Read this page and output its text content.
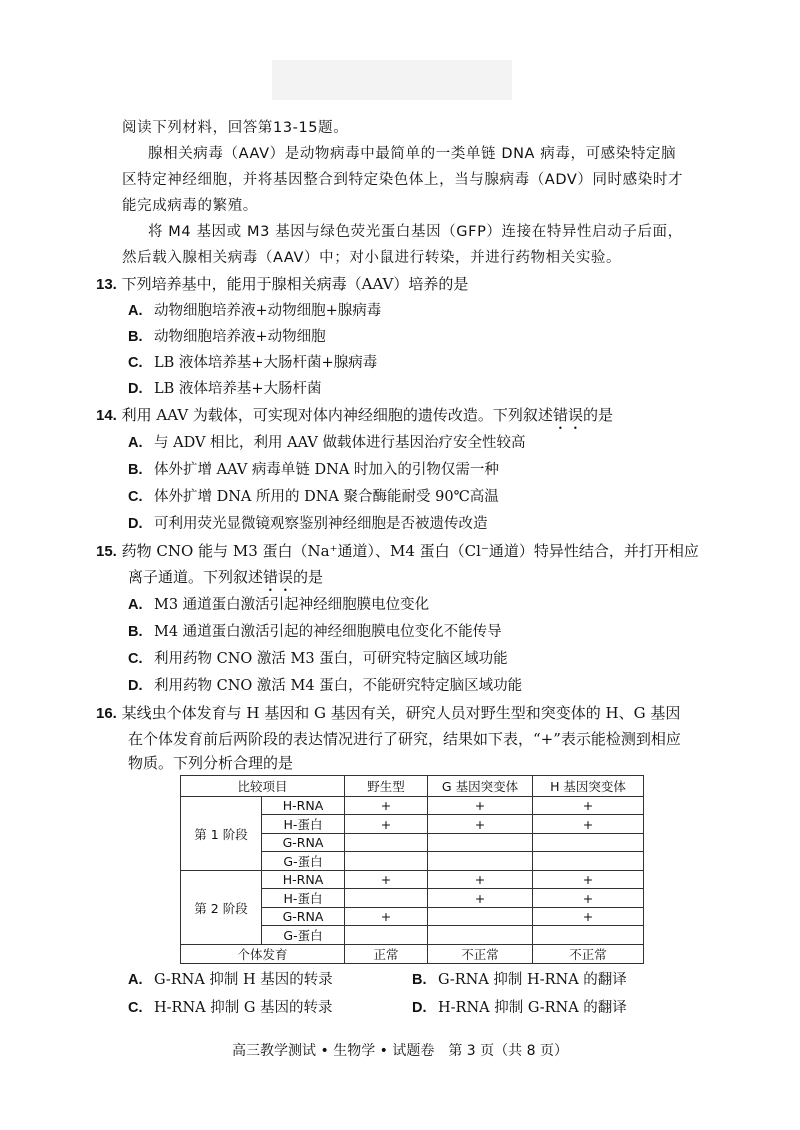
阅读下列材料，回答第13-15题。
腺相关病毒（AAV）是动物病毒中最简单的一类单链 DNA 病毒，可感染特定脑
区特定神经细胞，并将基因整合到特定染色体上，当与腺病毒（ADV）同时感染时才
能完成病毒的繁殖。
将 M4 基因或 M3 基因与绿色荧光蛋白基因（GFP）连接在特异性启动子后面，
然后载入腺相关病毒（AAV）中；对小鼠进行转染，并进行药物相关实验。
13. 下列培养基中，能用于腺相关病毒（AAV）培养的是
A. 动物细胞培养液+动物细胞+腺病毒
B. 动物细胞培养液+动物细胞
C. LB 液体培养基+大肠杆菌+腺病毒
D. LB 液体培养基+大肠杆菌
14. 利用 AAV 为载体，可实现对体内神经细胞的遗传改造。下列叙述错误的是
A. 与 ADV 相比，利用 AAV 做载体进行基因治疗安全性较高
B. 体外扩增 AAV 病毒单链 DNA 时加入的引物仅需一种
C. 体外扩增 DNA 所用的 DNA 聚合酶能耐受 90℃高温
D. 可利用荧光显微镜观察鉴别神经细胞是否被遗传改造
15. 药物 CNO 能与 M3 蛋白（Na⁺通道）、M4 蛋白（Cl⁻通道）特异性结合，并打开相应
离子通道。下列叙述错误的是
A. M3 通道蛋白激活引起神经细胞膜电位变化
B. M4 通道蛋白激活引起的神经细胞膜电位变化不能传导
C. 利用药物 CNO 激活 M3 蛋白，可研究特定脑区域功能
D. 利用药物 CNO 激活 M4 蛋白，不能研究特定脑区域功能
16. 某线虫个体发育与 H 基因和 G 基因有关，研究人员对野生型和突变体的 H、G 基因
在个体发育前后两阶段的表达情况进行了研究，结果如下表，“+”表示能检测到相应
物质。下列分析合理的是
比较项目		野生型	G 基因突变体	H 基因突变体
第 1 阶段	H-RNA	+	+	+
	H-蛋白	+	+	+
	G-RNA			
	G-蛋白			
第 2 阶段	H-RNA	+	+	+
	H-蛋白		+	+
	G-RNA	+		+
	G-蛋白			
个体发育		正常	不正常	不正常
A. G-RNA 抑制 H 基因的转录	B. G-RNA 抑制 H-RNA 的翻译
C. H-RNA 抑制 G 基因的转录	D. H-RNA 抑制 G-RNA 的翻译
高三教学测试 • 生物学 • 试题卷　第 3 页（共 8 页）
